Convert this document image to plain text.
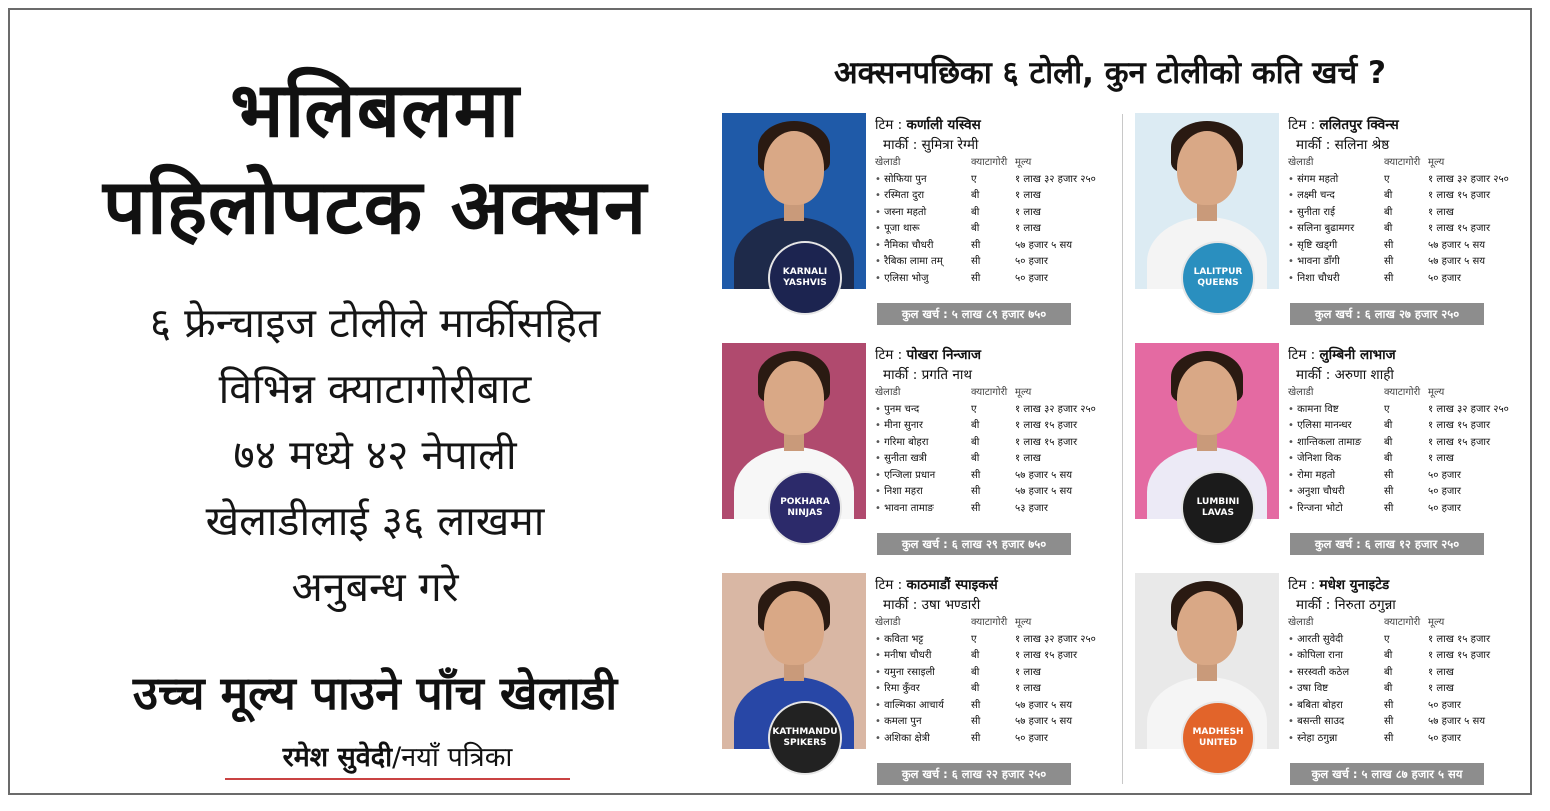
भलिबलमा
पहिलोपटक अक्सन
६ फ्रेन्चाइज टोलीले मार्कीसहित
विभिन्न क्याटागोरीबाट
७४ मध्ये ४२ नेपाली
खेलाडीलाई ३६ लाखमा
अनुबन्ध गरे
उच्च मूल्य पाउने पाँच खेलाडी
रमेश सुवेदी/नयाँ पत्रिका
अक्सनपछिका ६ टोली, कुन टोलीको कति खर्च ?
KARNALI YASHVIS
टिम : कर्णाली यस्विस
मार्की : सुमित्रा रेग्मी
खेलाडी	क्याटागोरी मूल्य
• सोफिया पुन	ए	१ लाख ३२ हजार २५०
• रस्मिता दुरा	बी	१ लाख
• जस्ना महतो	बी	१ लाख
• पूजा थारू	बी	१ लाख
• नैमिका चौधरी	सी	५७ हजार ५ सय
• रैबिका लामा तम्	सी	५० हजार
• एलिसा भोजु	सी	५० हजार
कुल खर्च : ५ लाख ८९ हजार ७५०
LALITPUR QUEENS
टिम : ललितपुर क्विन्स
मार्की : सलिना श्रेष्ठ
खेलाडी	क्याटागोरी मूल्य
• संगम महतो	ए	१ लाख ३२ हजार २५०
• लक्ष्मी चन्द	बी	१ लाख १५ हजार
• सुनीता राई	बी	१ लाख
• सलिना बुढामगर	बी	१ लाख १५ हजार
• सृष्टि खड्गी	सी	५७ हजार ५ सय
• भावना डाँगी	सी	५७ हजार ५ सय
• निशा चौधरी	सी	५० हजार
कुल खर्च : ६ लाख २७ हजार २५०
POKHARA NINJAS
टिम : पोखरा निन्जाज
मार्की : प्रगति नाथ
खेलाडी	क्याटागोरी मूल्य
• पुनम चन्द	ए	१ लाख ३२ हजार २५०
• मीना सुनार	बी	१ लाख १५ हजार
• गरिमा बोहरा	बी	१ लाख १५ हजार
• सुनीता खत्री	बी	१ लाख
• एन्जिला प्रधान	सी	५७ हजार ५ सय
• निशा महरा	सी	५७ हजार ५ सय
• भावना तामाङ	सी	५३ हजार
कुल खर्च : ६ लाख २९ हजार ७५०
LUMBINI LAVAS
टिम : लुम्बिनी लाभाज
मार्की : अरुणा शाही
खेलाडी	क्याटागोरी मूल्य
• कामना विष्ट	ए	१ लाख ३२ हजार २५०
• एलिसा मानन्धर	बी	१ लाख १५ हजार
• शान्तिकला तामाङ	बी	१ लाख १५ हजार
• जेनिशा विक	बी	१ लाख
• रोमा महतो	सी	५० हजार
• अनुशा चौधरी	सी	५० हजार
• रिन्जना भोटो	सी	५० हजार
कुल खर्च : ६ लाख १२ हजार २५०
KATHMANDU SPIKERS
टिम : काठमाडौं स्पाइकर्स
मार्की : उषा भण्डारी
खेलाडी	क्याटागोरी मूल्य
• कविता भट्ट	ए	१ लाख ३२ हजार २५०
• मनीषा चौधरी	बी	१ लाख १५ हजार
• यमुना रसाइली	बी	१ लाख
• रिमा कुँवर	बी	१ लाख
• वाल्मिका आचार्य	सी	५७ हजार ५ सय
• कमला पुन	सी	५७ हजार ५ सय
• अशिका क्षेत्री	सी	५० हजार
कुल खर्च : ६ लाख २२ हजार २५०
MADHESH UNITED
टिम : मधेश युनाइटेड
मार्की : निरुता ठगुन्ना
खेलाडी	क्याटागोरी मूल्य
• आरती सुवेदी	ए	१ लाख १५ हजार
• कोपिला राना	बी	१ लाख १५ हजार
• सरस्वती कठेल	बी	१ लाख
• उषा विष्ट	बी	१ लाख
• बबिता बोहरा	सी	५० हजार
• बसन्ती साउद	सी	५७ हजार ५ सय
• स्नेहा ठगुन्ना	सी	५० हजार
कुल खर्च : ५ लाख ८७ हजार ५ सय
